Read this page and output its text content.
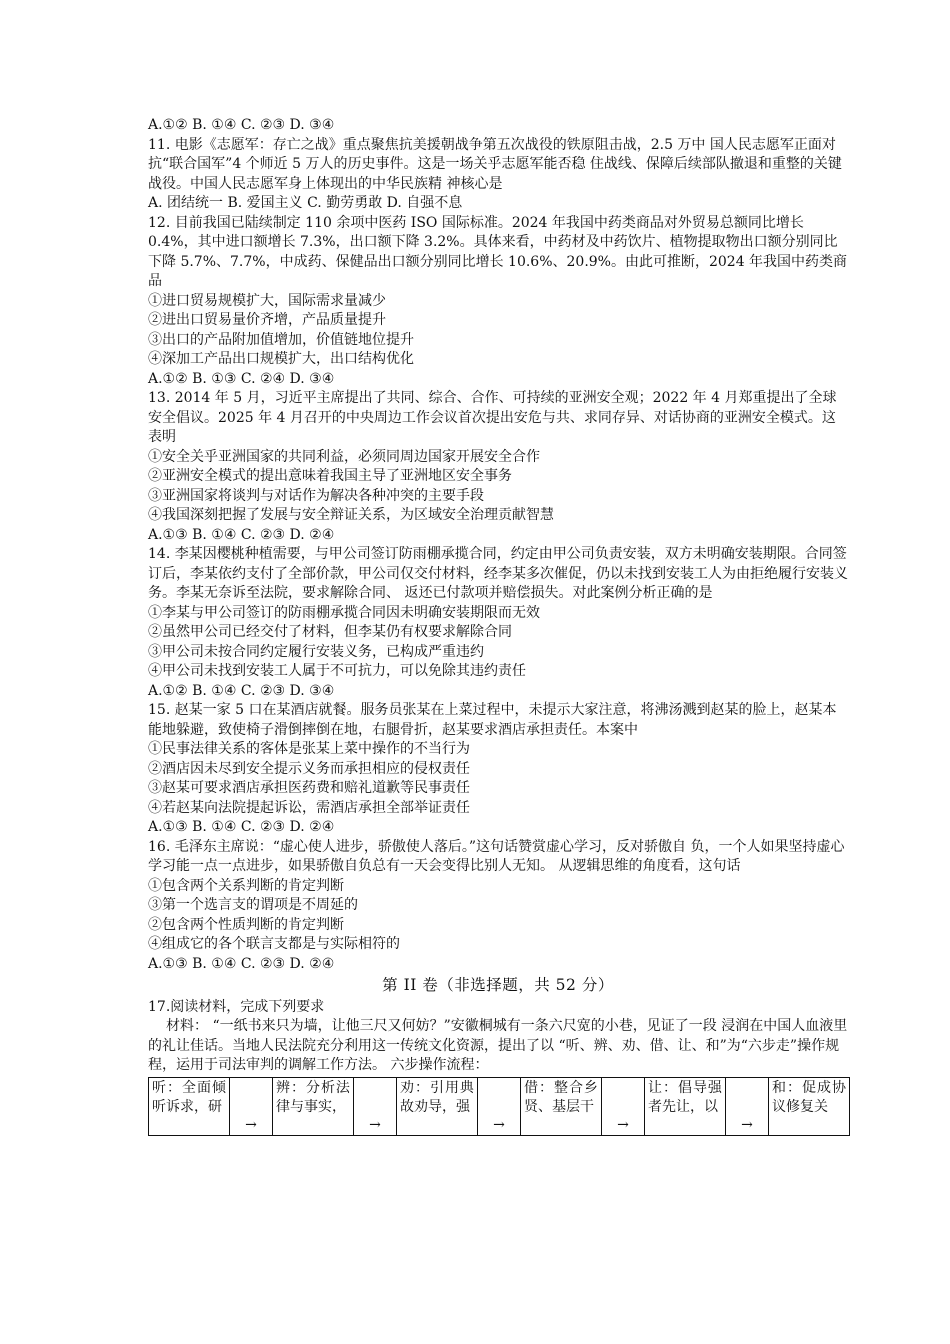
A.①② B. ①④ C. ②③ D. ③④
11. 电影《志愿军：存亡之战》重点聚焦抗美援朝战争第五次战役的铁原阻击战，2.5 万中 国人民志愿军正面对抗“联合国军”4 个师近 5 万人的历史事件。这是一场关乎志愿军能否稳 住战线、保障后续部队撤退和重整的关键战役。中国人民志愿军身上体现出的中华民族精 神核心是
A. 团结统一 B. 爱国主义 C. 勤劳勇敢 D. 自强不息
12. 目前我国已陆续制定 110 余项中医药 ISO 国际标准。2024 年我国中药类商品对外贸易总额同比增长 0.4%，其中进口额增长 7.3%，出口额下降 3.2%。具体来看，中药材及中药饮片、植物提取物出口额分别同比下降 5.7%、7.7%，中成药、保健品出口额分别同比增长 10.6%、20.9%。由此可推断，2024 年我国中药类商品
①进口贸易规模扩大，国际需求量减少
②进出口贸易量价齐增，产品质量提升
③出口的产品附加值增加，价值链地位提升
④深加工产品出口规模扩大，出口结构优化
A.①② B. ①③ C. ②④ D. ③④
13. 2014 年 5 月，习近平主席提出了共同、综合、合作、可持续的亚洲安全观；2022 年 4 月郑重提出了全球安全倡议。2025 年 4 月召开的中央周边工作会议首次提出安危与共、求同存异、对话协商的亚洲安全模式。这表明
①安全关乎亚洲国家的共同利益，必须同周边国家开展安全合作
②亚洲安全模式的提出意味着我国主导了亚洲地区安全事务
③亚洲国家将谈判与对话作为解决各种冲突的主要手段
④我国深刻把握了发展与安全辩证关系，为区域安全治理贡献智慧
A.①③ B. ①④ C. ②③ D. ②④
14. 李某因樱桃种植需要，与甲公司签订防雨棚承揽合同，约定由甲公司负责安装，双方未明确安装期限。合同签订后，李某依约支付了全部价款，甲公司仅交付材料，经李某多次催促，仍以未找到安装工人为由拒绝履行安装义务。李某无奈诉至法院，要求解除合同、 返还已付款项并赔偿损失。对此案例分析正确的是
①李某与甲公司签订的防雨棚承揽合同因未明确安装期限而无效
②虽然甲公司已经交付了材料，但李某仍有权要求解除合同
③甲公司未按合同约定履行安装义务，已构成严重违约
④甲公司未找到安装工人属于不可抗力，可以免除其违约责任
A.①② B. ①④ C. ②③ D. ③④
15. 赵某一家 5 口在某酒店就餐。服务员张某在上菜过程中，未提示大家注意，将沸汤溅到赵某的脸上，赵某本能地躲避，致使椅子滑倒摔倒在地，右腿骨折，赵某要求酒店承担责任。本案中
①民事法律关系的客体是张某上菜中操作的不当行为
②酒店因未尽到安全提示义务而承担相应的侵权责任
③赵某可要求酒店承担医药费和赔礼道歉等民事责任
④若赵某向法院提起诉讼，需酒店承担全部举证责任
A.①③ B. ①④ C. ②③ D. ②④
16. 毛泽东主席说：“虚心使人进步，骄傲使人落后。”这句话赞赏虚心学习，反对骄傲自 负，一个人如果坚持虚心学习能一点一点进步，如果骄傲自负总有一天会变得比别人无知。 从逻辑思维的角度看，这句话
①包含两个关系判断的肯定判断
③第一个选言支的谓项是不周延的
②包含两个性质判断的肯定判断
④组成它的各个联言支都是与实际相符的
A.①③ B. ①④ C. ②③ D. ②④
第 II 卷（非选择题，共 52 分）
17.阅读材料，完成下列要求
材料： “一纸书来只为墙，让他三尺又何妨？”安徽桐城有一条六尺宽的小巷，见证了一段 浸润在中国人血液里的礼让佳话。当地人民法院充分利用这一传统文化资源，提出了以 “听、辨、劝、借、让、和”为“六步走”操作规程，运用于司法审判的调解工作方法。 六步操作流程：
听：全面倾听诉求，研	→	辨：分析法律与事实，	→	劝：引用典故劝导，强	→	借：整合乡贤、基层干	→	让：倡导强者先让，以	→	和：促成协议修复关
